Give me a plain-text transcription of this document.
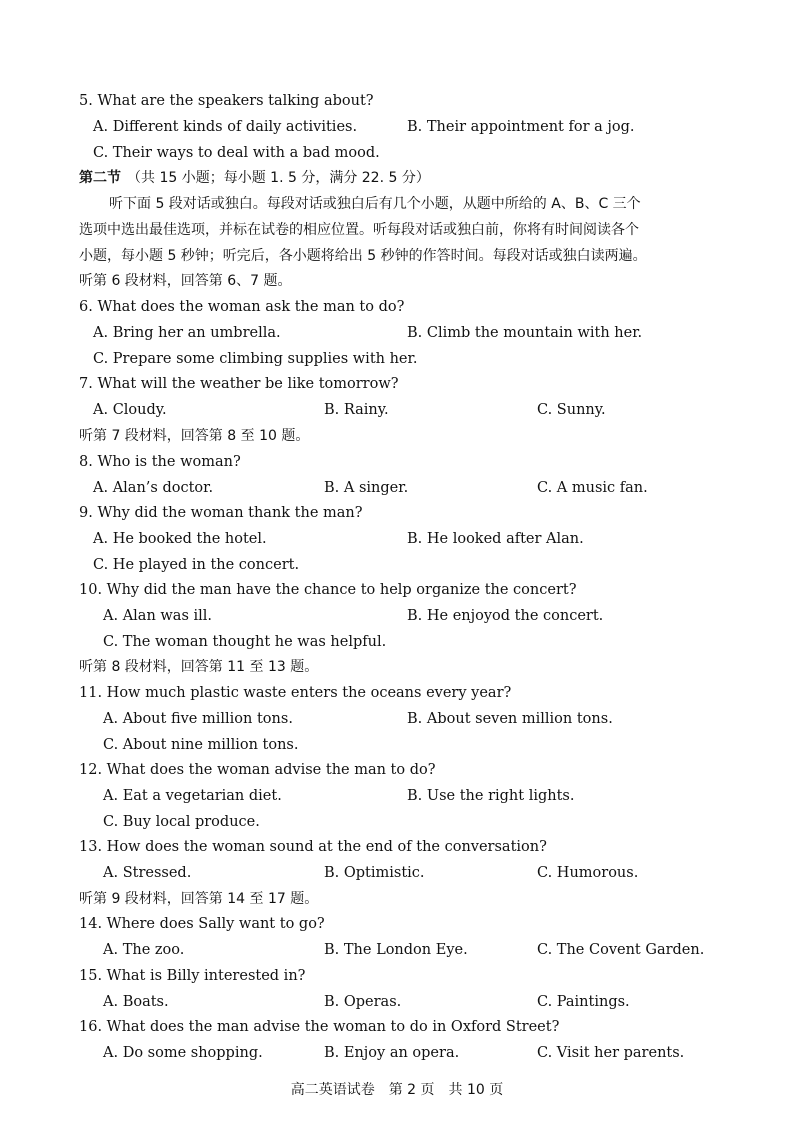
5. What are the speakers talking about?
A. Different kinds of daily activities.	B. Their appointment for a jog.
C. Their ways to deal with a bad mood.
第二节 （共 15 小题；每小题 1. 5 分，满分 22. 5 分）
听下面 5 段对话或独白。每段对话或独白后有几个小题，从题中所给的 A、B、C 三个
选项中选出最佳选项，并标在试卷的相应位置。听每段对话或独白前，你将有时间阅读各个
小题，每小题 5 秒钟；听完后，各小题将给出 5 秒钟的作答时间。每段对话或独白读两遍。
听第 6 段材料，回答第 6、7 题。
6. What does the woman ask the man to do?
A. Bring her an umbrella.	B. Climb the mountain with her.
C. Prepare some climbing supplies with her.
7. What will the weather be like tomorrow?
A. Cloudy.	B. Rainy.	C. Sunny.
听第 7 段材料，回答第 8 至 10 题。
8. Who is the woman?
A. Alan’s doctor.	B. A singer.	C. A music fan.
9. Why did the woman thank the man?
A. He booked the hotel.	B. He looked after Alan.
C. He played in the concert.
10. Why did the man have the chance to help organize the concert?
A. Alan was ill.	B. He enjoyod the concert.
C. The woman thought he was helpful.
听第 8 段材料，回答第 11 至 13 题。
11. How much plastic waste enters the oceans every year?
A. About five million tons.	B. About seven million tons.
C. About nine million tons.
12. What does the woman advise the man to do?
A. Eat a vegetarian diet.	B. Use the right lights.
C. Buy local produce.
13. How does the woman sound at the end of the conversation?
A. Stressed.	B. Optimistic.	C. Humorous.
听第 9 段材料，回答第 14 至 17 题。
14. Where does Sally want to go?
A. The zoo.	B. The London Eye.	C. The Covent Garden.
15. What is Billy interested in?
A. Boats.	B. Operas.	C. Paintings.
16. What does the man advise the woman to do in Oxford Street?
A. Do some shopping.	B. Enjoy an opera.	C. Visit her parents.
高二英语试卷　第 2 页　共 10 页
